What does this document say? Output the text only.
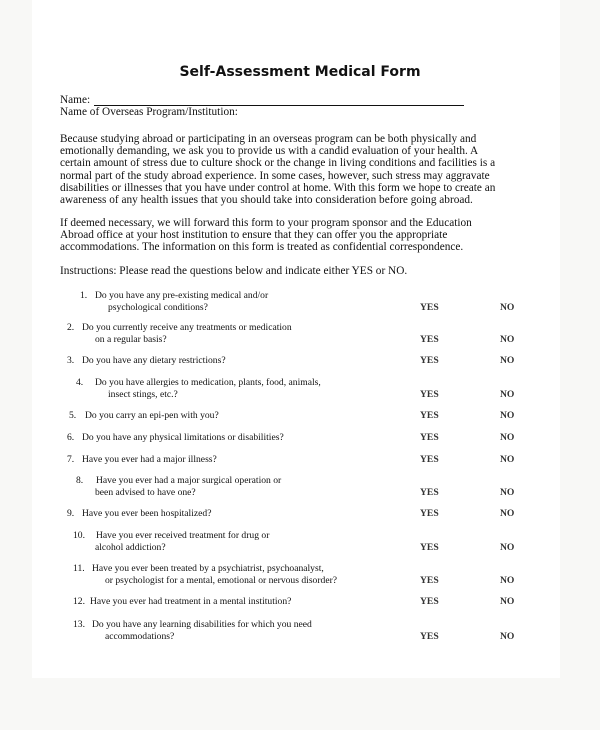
Self-Assessment Medical Form
Name:
Name of Overseas Program/Institution:
Because studying abroad or participating in an overseas program can be both physically and
emotionally demanding, we ask you to provide us with a candid evaluation of your health. A
certain amount of stress due to culture shock or the change in living conditions and facilities is a
normal part of the study abroad experience. In some cases, however, such stress may aggravate
disabilities or illnesses that you have under control at home. With this form we hope to create an
awareness of any health issues that you should take into consideration before going abroad.
If deemed necessary, we will forward this form to your program sponsor and the Education
Abroad office at your host institution to ensure that they can offer you the appropriate
accommodations. The information on this form is treated as confidential correspondence.
Instructions: Please read the questions below and indicate either YES or NO.
1. Do you have any pre-existing medical and/or
psychological conditions?	YES	NO
2. Do you currently receive any treatments or medication
on a regular basis?	YES	NO
3. Do you have any dietary restrictions?	YES	NO
4. Do you have allergies to medication, plants, food, animals,
insect stings, etc.?	YES	NO
5. Do you carry an epi-pen with you?	YES	NO
6. Do you have any physical limitations or disabilities?	YES	NO
7. Have you ever had a major illness?	YES	NO
8. Have you ever had a major surgical operation or
been advised to have one?	YES	NO
9. Have you ever been hospitalized?	YES	NO
10. Have you ever received treatment for drug or
alcohol addiction?	YES	NO
11. Have you ever been treated by a psychiatrist, psychoanalyst,
or psychologist for a mental, emotional or nervous disorder?	YES	NO
12. Have you ever had treatment in a mental institution?	YES	NO
13. Do you have any learning disabilities for which you need
accommodations?	YES	NO
